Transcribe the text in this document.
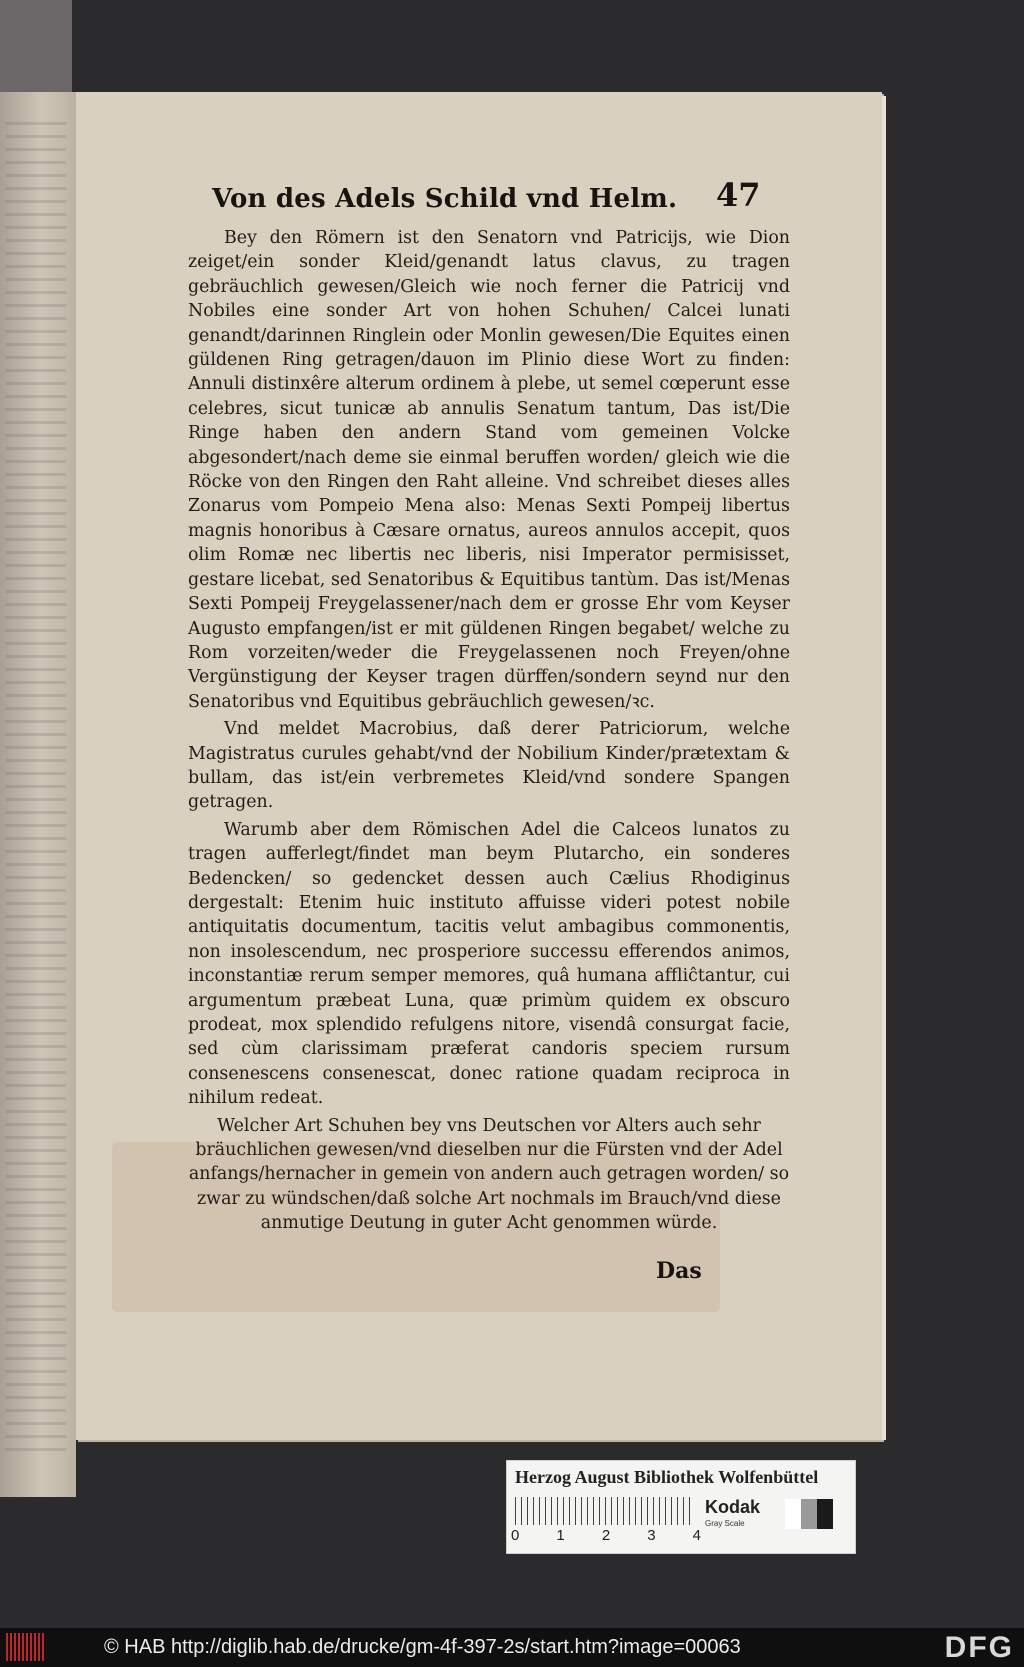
Von des Adels Schild vnd Helm.	47

Bey den Römern ist den Senatorn vnd Patricijs, wie Dion zeiget/ein sonder Kleid/genandt latus clavus, zu tragen gebräuchlich gewesen/Gleich wie noch ferner die Patricij vnd Nobiles eine sonder Art von hohen Schuhen/ Calcei lunati genandt/darinnen Ringlein oder Monlin gewesen/Die Equites einen güldenen Ring getragen/dauon im Plinio diese Wort zu finden: Annuli distinxêre alterum ordinem à plebe, ut semel cœperunt esse celebres, sicut tunicæ ab annulis Senatum tantum, Das ist/Die Ringe haben den andern Stand vom gemeinen Volcke abgesondert/nach deme sie einmal beruffen worden/ gleich wie die Röcke von den Ringen den Raht alleine. Vnd schreibet dieses alles Zonarus vom Pompeio Mena also: Menas Sexti Pompeij libertus magnis honoribus à Cæsare ornatus, aureos annulos accepit, quos olim Romæ nec libertis nec liberis, nisi Imperator permisisset, gestare licebat, sed Senatoribus & Equitibus tantùm. Das ist/Menas Sexti Pompeij Freygelassener/nach dem er grosse Ehr vom Keyser Augusto empfangen/ist er mit güldenen Ringen begabet/ welche zu Rom vorzeiten/weder die Freygelassenen noch Freyen/ohne Vergünstigung der Keyser tragen dürffen/sondern seynd nur den Senatoribus vnd Equitibus gebräuchlich gewesen/ꝛc.

Vnd meldet Macrobius, daß derer Patriciorum, welche Magistratus curules gehabt/vnd der Nobilium Kinder/prætextam & bullam, das ist/ein verbremetes Kleid/vnd sondere Spangen getragen.

Warumb aber dem Römischen Adel die Calceos lunatos zu tragen aufferlegt/findet man beym Plutarcho, ein sonderes Bedencken/ so gedencket dessen auch Cælius Rhodiginus dergestalt: Etenim huic instituto affuisse videri potest nobile antiquitatis documentum, tacitis velut ambagibus commonentis, non insolescendum, nec prosperiore successu efferendos animos, inconstantiæ rerum semper memores, quâ humana affliĉtantur, cui argumentum præbeat Luna, quæ primùm quidem ex obscuro prodeat, mox splendido refulgens nitore, visendâ consurgat facie, sed cùm clarissimam præferat candoris speciem rursum consenescens consenescat, donec ratione quadam reciproca in nihilum redeat.

Welcher Art Schuhen bey vns Deutschen vor Alters auch sehr bräuchlichen gewesen/vnd dieselben nur die Fürsten vnd der Adel anfangs/hernacher in gemein von andern auch getragen worden/ so zwar zu wündschen/daß solche Art nochmals im Brauch/vnd diese anmutige Deutung in guter Acht genommen würde.

Das
Herzog August Bibliothek Wolfenbüttel
0 1 2 3 4
Kodak
Gray Scale
© HAB http://diglib.hab.de/drucke/gm-4f-397-2s/start.htm?image=00063	DFG
